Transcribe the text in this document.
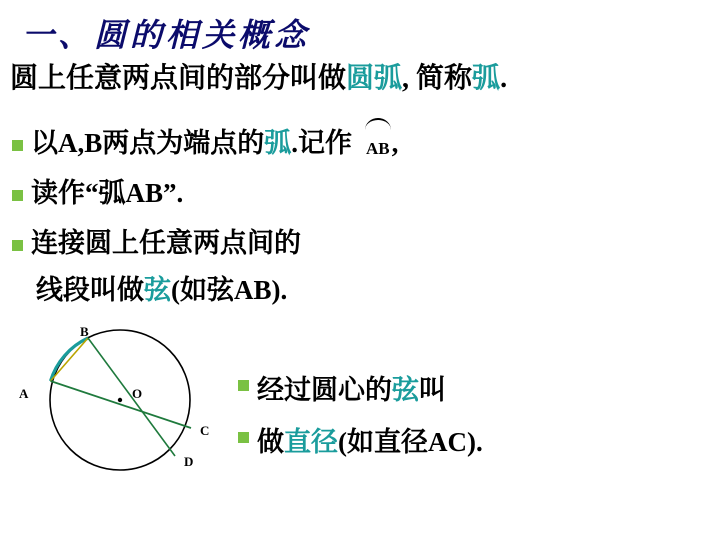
一、圆的相关概念
圆上任意两点间的部分叫做圆弧, 简称弧.
以A,B两点为端点的弧.记作 AB,
读作“弧AB”.
连接圆上任意两点间的
线段叫做弦(如弦AB).
经过圆心的弦叫
做直径(如直径AC).
B
A	O
C
D
